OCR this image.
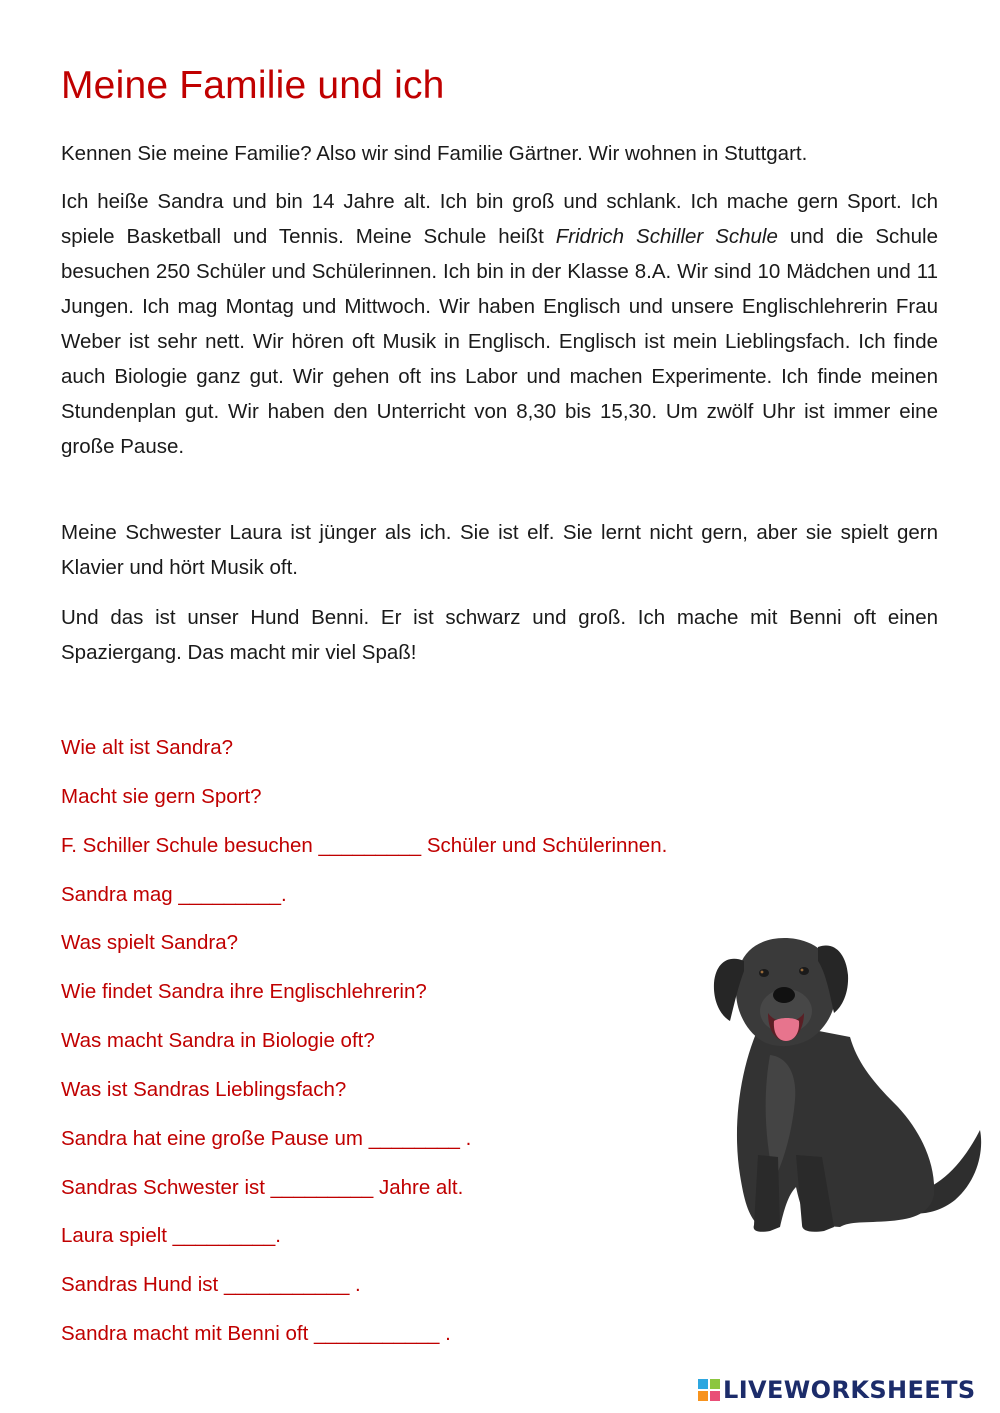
Meine Familie und ich

Kennen Sie meine Familie? Also wir sind Familie Gärtner. Wir wohnen in Stuttgart.

Ich heiße Sandra und bin 14 Jahre alt. Ich bin groß und schlank. Ich mache gern Sport. Ich spiele Basketball und Tennis. Meine Schule heißt Fridrich Schiller Schule und die Schule besuchen 250 Schüler und Schülerinnen. Ich bin in der Klasse 8.A. Wir sind 10 Mädchen und 11 Jungen. Ich mag Montag und Mittwoch. Wir haben Englisch und unsere Englischlehrerin Frau Weber ist sehr nett. Wir hören oft Musik in Englisch. Englisch ist mein Lieblingsfach. Ich finde auch Biologie ganz gut. Wir gehen oft ins Labor und machen Experimente. Ich finde meinen Stundenplan gut. Wir haben den Unterricht von 8,30 bis 15,30. Um zwölf Uhr ist immer eine große Pause.

Meine Schwester Laura ist jünger als ich. Sie ist elf. Sie lernt nicht gern, aber sie spielt gern Klavier und hört Musik oft.

Und das ist unser Hund Benni. Er ist schwarz und groß. Ich mache mit Benni oft einen Spaziergang. Das macht mir viel Spaß!

Wie alt ist Sandra?

Macht sie gern Sport?

F. Schiller Schule besuchen _________ Schüler und Schülerinnen.

Sandra mag _________.

Was spielt Sandra?

Wie findet Sandra ihre Englischlehrerin?

Was macht Sandra in Biologie oft?

Was ist Sandras Lieblingsfach?

Sandra hat eine große Pause um ________ .

Sandras Schwester ist _________ Jahre alt.

Laura spielt _________.

Sandras Hund ist ___________ .

Sandra macht mit Benni oft ___________ .

LIVEWORKSHEETS
